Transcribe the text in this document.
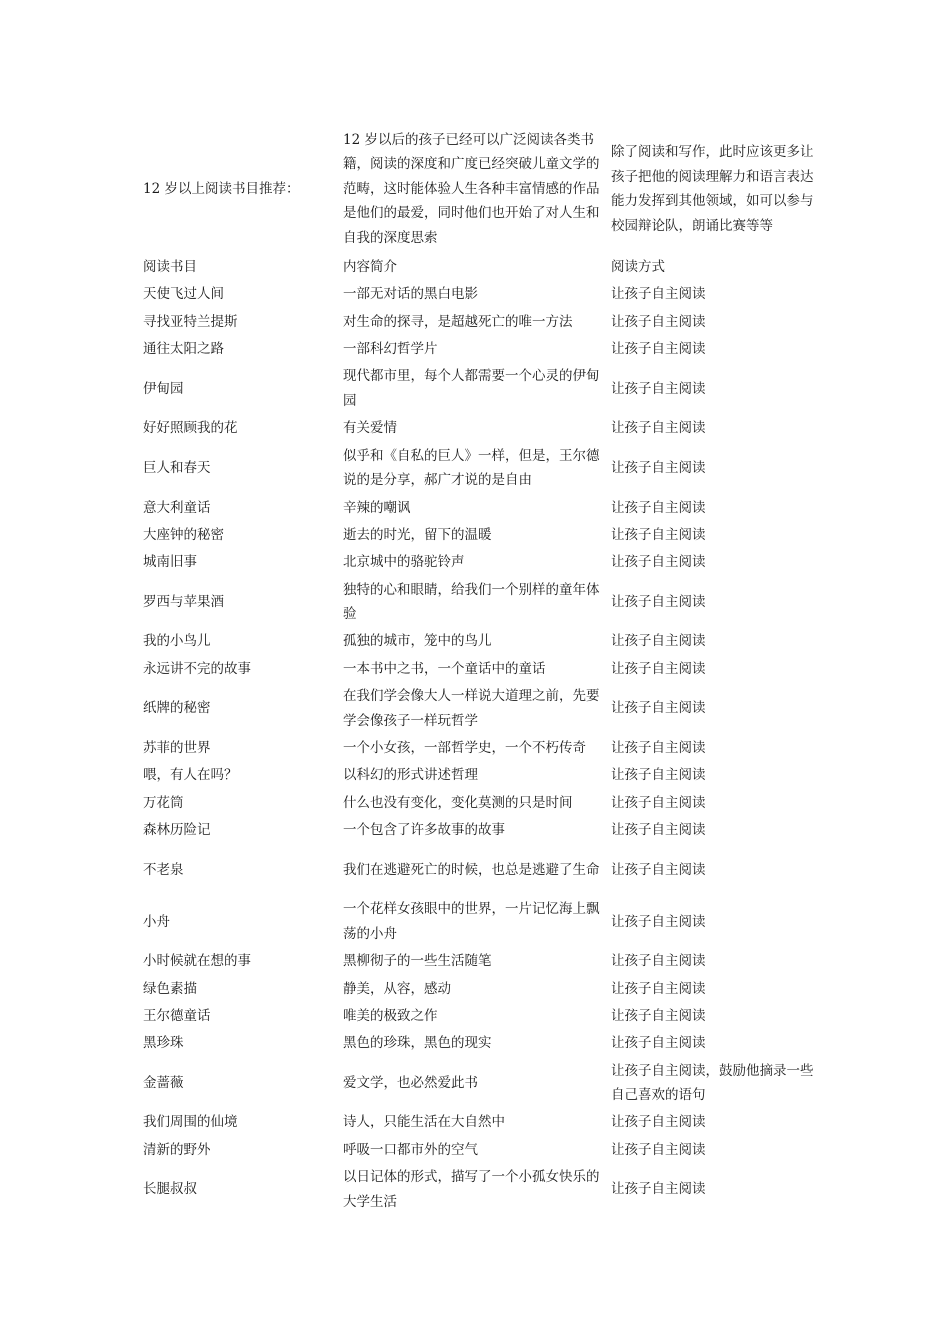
12 岁以上阅读书目推荐：	12 岁以后的孩子已经可以广泛阅读各类书籍，阅读的深度和广度已经突破儿童文学的范畴，这时能体验人生各种丰富情感的作品是他们的最爱，同时他们也开始了对人生和自我的深度思索	除了阅读和写作，此时应该更多让孩子把他的阅读理解力和语言表达能力发挥到其他领域，如可以参与校园辩论队，朗诵比赛等等
阅读书目	内容简介	阅读方式
天使飞过人间	一部无对话的黑白电影	让孩子自主阅读
寻找亚特兰提斯	对生命的探寻，是超越死亡的唯一方法	让孩子自主阅读
通往太阳之路	一部科幻哲学片	让孩子自主阅读
伊甸园	现代都市里，每个人都需要一个心灵的伊甸园	让孩子自主阅读
好好照顾我的花	有关爱情	让孩子自主阅读
巨人和春天	似乎和《自私的巨人》一样，但是，王尔德说的是分享，郝广才说的是自由	让孩子自主阅读
意大利童话	辛辣的嘲讽	让孩子自主阅读
大座钟的秘密	逝去的时光，留下的温暖	让孩子自主阅读
城南旧事	北京城中的骆驼铃声	让孩子自主阅读
罗西与苹果酒	独特的心和眼睛，给我们一个别样的童年体验	让孩子自主阅读
我的小鸟儿	孤独的城市，笼中的鸟儿	让孩子自主阅读
永远讲不完的故事	一本书中之书，一个童话中的童话	让孩子自主阅读
纸牌的秘密	在我们学会像大人一样说大道理之前，先要学会像孩子一样玩哲学	让孩子自主阅读
苏菲的世界	一个小女孩，一部哲学史，一个不朽传奇	让孩子自主阅读
喂，有人在吗？	以科幻的形式讲述哲理	让孩子自主阅读
万花筒	什么也没有变化，变化莫测的只是时间	让孩子自主阅读
森林历险记	一个包含了许多故事的故事	让孩子自主阅读
不老泉	我们在逃避死亡的时候，也总是逃避了生命	让孩子自主阅读
小舟	一个花样女孩眼中的世界，一片记忆海上飘荡的小舟	让孩子自主阅读
小时候就在想的事	黑柳彻子的一些生活随笔	让孩子自主阅读
绿色素描	静美，从容，感动	让孩子自主阅读
王尔德童话	唯美的极致之作	让孩子自主阅读
黑珍珠	黑色的珍珠，黑色的现实	让孩子自主阅读
金蔷薇	爱文学，也必然爱此书	让孩子自主阅读，鼓励他摘录一些自己喜欢的语句
我们周围的仙境	诗人，只能生活在大自然中	让孩子自主阅读
清新的野外	呼吸一口都市外的空气	让孩子自主阅读
长腿叔叔	以日记体的形式，描写了一个小孤女快乐的大学生活	让孩子自主阅读
